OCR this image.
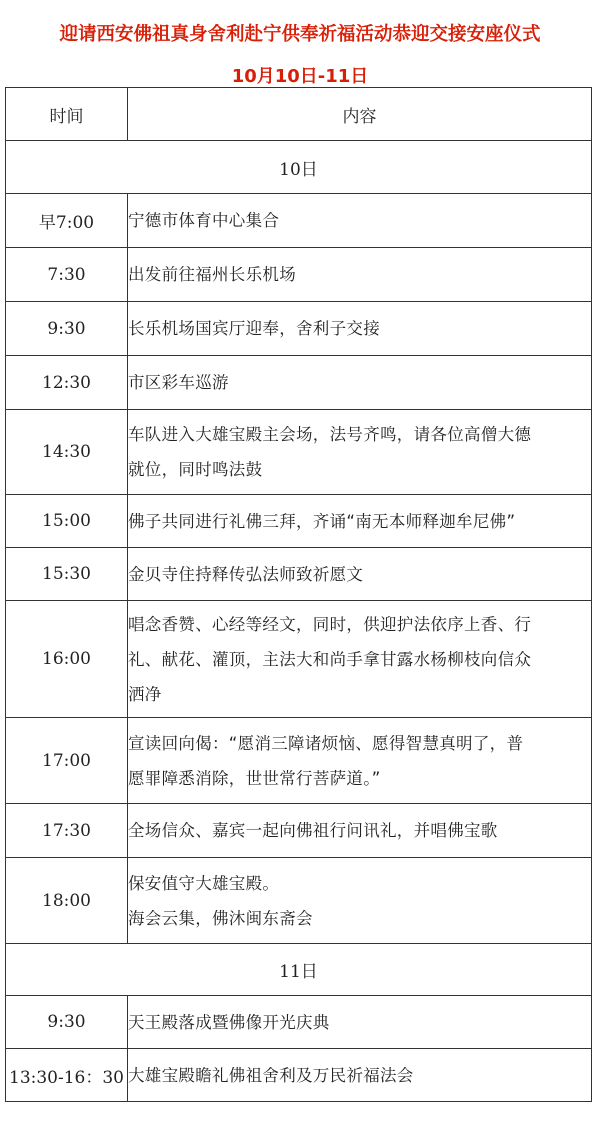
迎请西安佛祖真身舍利赴宁供奉祈福活动恭迎交接安座仪式
10月10日-11日
时间	内容
10日	
早7:00	宁德市体育中心集合

7:30	出发前往福州长乐机场

9:30	长乐机场国宾厅迎奉，舍利子交接

12:30	市区彩车巡游

14:30	车队进入大雄宝殿主会场，法号齐鸣，请各位高僧大德
就位，同时鸣法鼓

15:00	佛子共同进行礼佛三拜，齐诵“南无本师释迦牟尼佛”

15:30	金贝寺住持释传弘法师致祈愿文

16:00	唱念香赞、心经等经文，同时，供迎护法依序上香、行
礼、献花、灌顶，主法大和尚手拿甘露水杨柳枝向信众
洒净

17:00	宣读回向偈：“愿消三障诸烦恼、愿得智慧真明了，普
愿罪障悉消除，世世常行菩萨道。”

17:30	全场信众、嘉宾一起向佛祖行问讯礼，并唱佛宝歌

18:00	保安值守大雄宝殿。
海会云集，佛沐闽东斋会

11日	
9:30	天王殿落成暨佛像开光庆典

13:30-16：30	大雄宝殿瞻礼佛祖舍利及万民祈福法会
